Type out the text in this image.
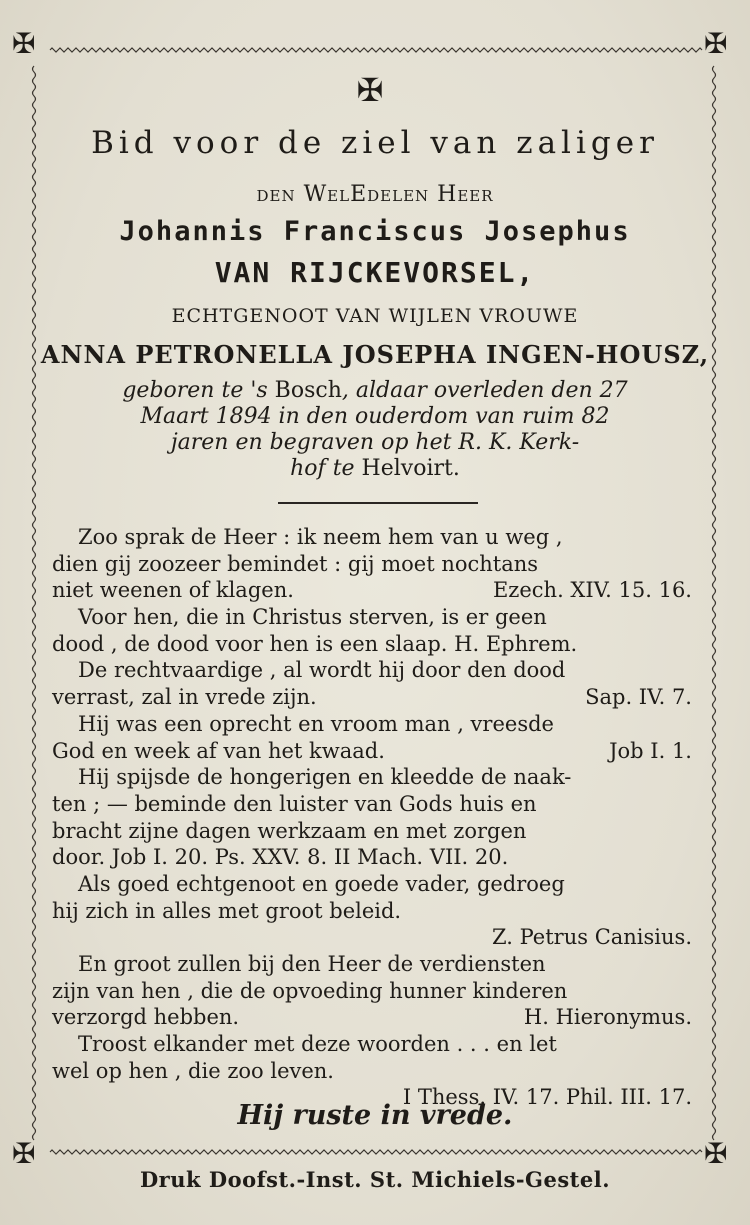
✠	✠
✠	✠
✠
Bid voor de ziel van zaliger
den WelEdelen Heer
Johannis Franciscus Josephus
VAN RIJCKEVORSEL,
ECHTGENOOT VAN WIJLEN VROUWE
ANNA PETRONELLA JOSEPHA INGEN-HOUSZ,
geboren te 's Bosch, aldaar overleden den 27
Maart 1894 in den ouderdom van ruim 82
jaren en begraven op het R. K. Kerk-
hof te Helvoirt.
Zoo sprak de Heer : ik neem hem van u weg ,
dien gij zoozeer bemindet : gij moet nochtans
niet weenen of klagen.	Ezech. XIV. 15. 16.
Voor hen, die in Christus sterven, is er geen
dood , de dood voor hen is een slaap. H. Ephrem.
De rechtvaardige , al wordt hij door den dood
verrast, zal in vrede zijn.	Sap. IV. 7.
Hij was een oprecht en vroom man , vreesde
God en week af van het kwaad.	Job I. 1.
Hij spijsde de hongerigen en kleedde de naak-
ten ; — beminde den luister van Gods huis en
bracht zijne dagen werkzaam en met zorgen
door. Job I. 20. Ps. XXV. 8. II Mach. VII. 20.
Als goed echtgenoot en goede vader, gedroeg
hij zich in alles met groot beleid.
Z. Petrus Canisius.
En groot zullen bij den Heer de verdiensten
zijn van hen , die de opvoeding hunner kinderen
verzorgd hebben.	H. Hieronymus.
Troost elkander met deze woorden . . . en let
wel op hen , die zoo leven.
I Thess. IV. 17. Phil. III. 17.
Hij ruste in vrede.
Druk Doofst.-Inst. St. Michiels-Gestel.
